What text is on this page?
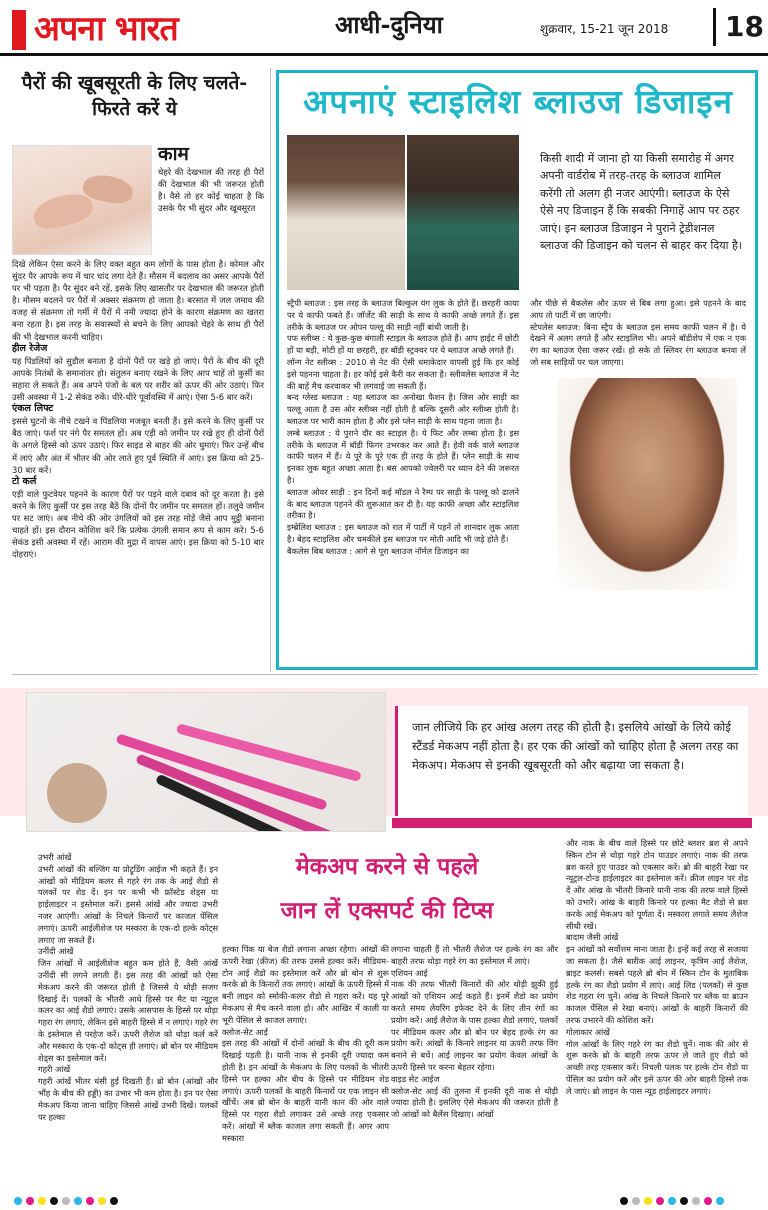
अपना भारत	आधी-दुनिया	शुक्रवार, 15-21 जून 2018 18
पैरों की खूबसूरती के लिए चलते-फिरते करें ये
काम
चेहरे की देखभाल की तरह ही पैरों की देखभाल की भी जरूरत होती है। वैसे तो हर कोई चाहता है कि उसके पैर भी सुंदर और खूबसूरत

दिखे लेकिन ऐसा करने के लिए वक्त बहुत कम लोगों के पास होता है। कोमल और सुंदर पैर आपके रूप में चार चांद लगा देते हैं। मौसम में बदलाव का असर आपके पैरों पर भी पड़ता है। पैर सुंदर बने रहें, इसके लिए खासतौर पर देखभाल की जरूरत होती है। मौसम बदलने पर पैरों में अक्सर संक्रमण हो जाता है। बरसात में जल जमाव की वजह से संक्रमण तो गर्मी में पैरों में नमी ज्यादा होने के कारण संक्रमण का खतरा बना रहता है। इस तरह के सवास्थ्यों से बचने के लिए आपको चेहरे के साथ ही पैरों की भी देखभाल करनी चाहिए।

हील रेजेज

यह पिंडलियों को सुडौल बनाता है दोनों पैरों पर खड़े हो जाएं। पैरों के बीच की दूरी आपके नितंबों के समानांतर हो। संतुलन बनाए रखने के लिए आप चाहें तो कुर्सी का सहारा ले सकते हैं। अब अपने पंजों के बल पर शरीर को ऊपर की ओर उठाएं। फिर उसी अवस्था में 1-2 सेकंड रुकें। धीरे-धीरे पूर्वावस्थि में आएं। ऐसा 5-6 बार करें।

एंकल लिफ्ट

इससे घुटनों के नीचे टखने व पिंडलिया मजबूत बनती हैं। इसे करने के लिए कुर्सी पर बैठ जाएं। फर्श पर नंगे पैर समतल हों। अब एड़ी को जमीन पर रखे हुए ही दोनों पैरों के अगले हिस्से को ऊपर उठाएं। फिर साइड से बाहर की ओर घुमाएं। फिर उन्हें बीच में लाएं और अंत में भीतर की ओर लाते हुए पूर्व स्थिति में आएं। इस क्रिया को 25-30 बार करें।

टो कर्ल

एड़ी वाले फुटवेयर पहनने के कारण पैरों पर पड़ने वाले दबाव को दूर करता है। इसे करने के लिए कुर्सी पर इस तरह बैठें कि दोनों पैर जमीन पर समतल हों। तलुवे जमीन पर सट जाएं। अब नीचे की ओर उंगलियों को इस तरह मोड़ें जैसे आप मुट्ठी बनाना चाहते हों। इस दौरान कोशिश करें कि प्रत्येक उंगली समान रूप से काम करे। 5-6 सेकंड इसी अवस्था में रहें। आराम की मुद्रा में वापस आएं। इस क्रिया को 5-10 बार दोहराएं।

अपनाएं स्टाइलिश ब्लाउज डिजाइन
किसी शादी में जाना हो या किसी समारोह में अगर अपनी वार्डरोब में तरह-तरह के ब्लाउज शामिल करेंगी तो अलग ही नजर आएंगी। ब्लाउज के ऐसे ऐसे नए डिजाइन हैं कि सबकी निगाहें आप पर ठहर जाएं। इन ब्लाउज डिजाइन ने पुराने ट्रेडीशनल ब्लाउज की डिजाइन को चलन से बाहर कर दिया है।
स्ट्रैपी ब्लाउज : इस तरह के ब्लाउज बिल्कुल यंग लुक के होते हैं। छरहरी काया पर ये काफी फबते हैं। जॉर्जेट की साड़ी के साथ ये काफी अच्छे लगते हैं। इस तरीके के ब्लाउज पर ओपन पल्लू की साड़ी नहीं बांधी जाती है।
पफ स्लीव्स : ये कुछ-कुछ बंगाली स्टाइल के ब्लाउज होते हैं। आप हाईट में छोटी हों या बड़ी, मोटी हों या छरहरी, हर बॉडी स्ट्रक्चर पर ये ब्लाउज अच्छे लगते हैं।
लॉन्ग नेट स्लीव्स : 2010 से नेट की ऐसी धमाकेदार वापसी हुई कि हर कोई इसे पहनना चाहता है। हर कोई इसे कैरी कर सकता है। स्लीवलेस ब्लाउज में नेट की बाहें मैच करवाकर भी लगवाई जा सकती हैं।
बन्द ग्लेस्ड ब्लाउज : यह ब्लाउज का अनोखा फैशन है। जिस ओर साड़ी का पल्लू आता है उस ओर स्लीव्स नहीं होती है बल्कि दूसरी ओर स्लीव्स होती है। ब्लाउज पर भारी काम होता है और इसे प्लेन साड़ी के साथ पहना जाता है।
लम्बे ब्लाउज : ये पुराने दौर का स्टाइल है। ये फिट और लम्बा होता है। इस तरीके के ब्लाउज में बॉडी फिगर उभरकर कर आते हैं। हेवी वर्क वाले ब्लाउज काफी चलन में हैं। ये पूरे के पूरे एक ही तरह के होते हैं। प्लेन साड़ी के साथ इनका लुक बहुत अच्छा आता है। बस आपको ज्वेलरी पर ध्यान देने की जरूरत है।
ब्लाउज ओवर साड़ी : इन दिनों कई मॉडल ने रैम्प पर साड़ी के पल्लू को ढालने के बाद ब्लाउज पहनने की शुरूआत कर दी है। यह काफी अच्छा और स्टाइलिश तरीका है।
इम्ब्रेलिश ब्लाउज : इस ब्लाउज को रात में पार्टी में पहनें तो शानदार लुक आता है। बेहद स्टाइलिश और चमकीले इस ब्लाउज पर मोती आदि भी जड़े होते हैं।
बैकलेस बिब ब्लाउज : आगे से पूरा ब्लाउज नॉर्मल डिजाइन का
और पीछे से बैकलेस और ऊपर से बिब लगा हुआ। इसे पहनने के बाद आप तो पार्टी में छा जाएंगी।
स्टेपलेस ब्लाउज: बिना स्ट्रैप के ब्लाउज इस समय काफी चलन में है। ये देखने में अलग लगते हैं और स्टाइलिश भी। अपने बॉडीशेप में एक न एक रंग का ब्लाउज ऐसा जरूर रखें। हो सके तो स्लिवर रंग ब्लाउज बनवा लें जो सब साड़ियों पर चल जाएगा।
जान लीजिये कि हर आंख अलग तरह की होती है। इसलिये आंखों के लिये कोई स्टैंडर्ड मेकअप नहीं होता है। हर एक की आंखों को चाहिए होता है अलग तरह का मेकअप। मेकअप से इनकी खूबसूरती को और बढ़ाया जा सकता है।
उभरी आंखें
उभरी आंखों की बल्जिंग या प्रोट्रूडिंग आईज भी कहते हैं। इन आंखों को मीडियम कलर से गहरे रंग तक के आई शैडो से पलकों पर शेड दें। इन पर कभी भी फ्रॉस्टेड शेड्स या हाईलाइटर न इस्तेमाल करें। इससे आंखें और ज्यादा उभरी नजर आएंगी। आंखों के निचले किनारों पर काजल पेंसिल लगाएं। ऊपरी आईलीशेज पर मस्कारा के एक-दो हल्के कोट्स लगाए जा सकते हैं।
उनींदी आंखें
जिन आंखों में आईलीशेज बहुत कम होते हैं, वैसी आंखें उनींदी सी लगने लगती हैं। इस तरह की आंखों को ऐसा मेकअप करने की जरूरत होती है जिससे ये थोड़ी सजग दिखाई दें। पलकों के भीतरी आधे हिस्से पर मैट या न्यूट्रल कलर का आई शैडो लगाएं। उसके आसपास के हिस्से पर थोड़ा गहरा रंग लगाएं, लेकिन इसे बाहरी हिस्से में न लगाएं। गहरे रंग के इस्तेमाल से परहेज करें। ऊपरी लैशेज को थोड़ा कर्ल करें और मस्कारा के एक-दो कोट्स ही लगाएं। ब्रो बोन पर मीडियम शेड्स का इस्तेमाल करें।
गहरी आंखें
गहरी आंखें भीतर धंसी हुई दिखती हैं। ब्रो बोन (आंखों और भौंह के बीच की हड्डी) का उभार भी कम होता है। इन पर ऐसा मेकअप किया जाना चाहिए जिससे आंखें उभरी दिखें। पलकों पर हल्का
मेकअप करने से पहले
जान लें एक्सपर्ट की टिप्स
हल्का पिंक या बेज शैडो लगाना अच्छा रहेगा। आंखों की ऊपरी रेखा (क्रीज) की तरफ उससे हल्का करें। मीडियम-टोन आई शैडो का इस्तेमाल करें और ब्रो बोन से शुरू करके ब्रो के किनारों तक लगाएं। आंखों के ऊपरी हिस्से में बनी लाइन को स्मोकी-कलर शैडो से गहरा करें। यह पूरे मेकअप से मैच करने वाला हो। और आखिर में काली या भूरी पेंसिल से काजल लगाएं।
क्लोज-सेट आई
इस तरह की आंखों में दोनों आंखों के बीच की दूरी कम दिखाई पड़ती है। यानी नाक से इनकी दूरी ज्यादा कम होती है। इन आंखों के मेकअप के लिए पलकों के भीतरी हिस्से पर हल्का और बीच के हिस्से पर मीडियम शेड लगाएं। ऊपरी पलकों के बाहरी किनारों पर एक लाइन सी खींचें। अब ब्रो बोन के बाहरी यानी कान की ओर वाले हिस्से पर गहरा शैडो लगाकर उसे अच्छे तरह एकसार करें। आंखों में ब्लैक काजल लगा सकती हैं। अगर आप मस्कारा
लगाना चाहती हैं तो भीतरी लैशेज पर हल्के रंग का और बाहरी तरफ थोड़ा गहरे रंग का इस्तेमाल में लाएं।
एशियन आई
नाक की तरफ भीतरी किनारों की ओर थोड़ी झुकी हुई आंखों को एशियन आई कहते हैं। इनमें शैडो का प्रयोग करते समय लेयरिंग इफेक्ट देने के लिए तीन रंगों का प्रयोग करें। आई लैशेज के पास हल्का शैडो लगाएं, पलकों पर मीडियम कलर और ब्रो बोन पर बेहद हल्के रंग का प्रयोग करें। आंखों के किनारे लाइनर या ऊपरी तरफ विंग बनाने से बचें। आई लाइनर का प्रयोग केवल आंखों के ऊपरी हिस्से पर करना बेहतर रहेगा।
वाइड सेट आईज
क्लोज-सेट आई की तुलना में इनकी दूरी नाक से थोड़ी ज्यादा होती है। इसलिए ऐसे मेकअप की जरूरत होती है जो आंखों को बैलेंस दिखाए। आंखों
और नाक के बीच वाले हिस्से पर छोटे ब्लशर ब्रश से अपने स्किन टोन से थोड़ा गहरे टोन पाउडर लगाएं। नाक की तरफ ब्रश करते हुए पाउडर को एकसार करें। ब्रो की बाहरी रेखा पर न्यूट्रल-टोन्ड हाईलाइटर का इस्तेमाल करें। क्रीज लाइन पर शेड दें और आंख के भीतरी किनारे यानी नाक की तरफ वाले हिस्से को उभारें। आंख के बाहरी किनारे पर हल्का मैट शैडो से ब्रश करके आई मेकअप को पूर्णता दें। मस्कारा लगाते समय लैशेज सीधी रखें।
बादाम जैसी आंखें
इन आंखों को सर्वोत्तम माना जाता है। इन्हें कई तरह से सजाया जा सकता है। जैसे बारीक आई लाइनर, कृत्रिम आई लैशेज, ब्राइट कलर्स। सबसे पहले ब्रो बोन में स्किन टोन के मुताबिक हल्के रंग का शैडो प्रयोग में लाएं। आई लिड (पलकों) से कुछ शेड गहरा रंग चुनें। आंख के निचले किनारे पर ब्लैक या ब्राउन काजल पेंसिल से रेखा बनाएं। आंखों के बाहरी किनारों की तरफ उभारने की कोशिश करें।
गोलाकार आंखें
गोल आंखों के लिए गहरे रंग का शैडो चुनें। नाक की ओर से शुरू करके ब्रो के बाहरी तरफ ऊपर ले जाते हुए शैडो को अच्छी तरह एकसार करें। निचली पलक पर हल्के टोन शैडो या पेंसिल का प्रयोग करें और इसे ऊपर की ओर बाहरी हिस्से तक ले जाएं। ब्रो लाइन के पास न्यूड हाईलाइटर लगाएं।
